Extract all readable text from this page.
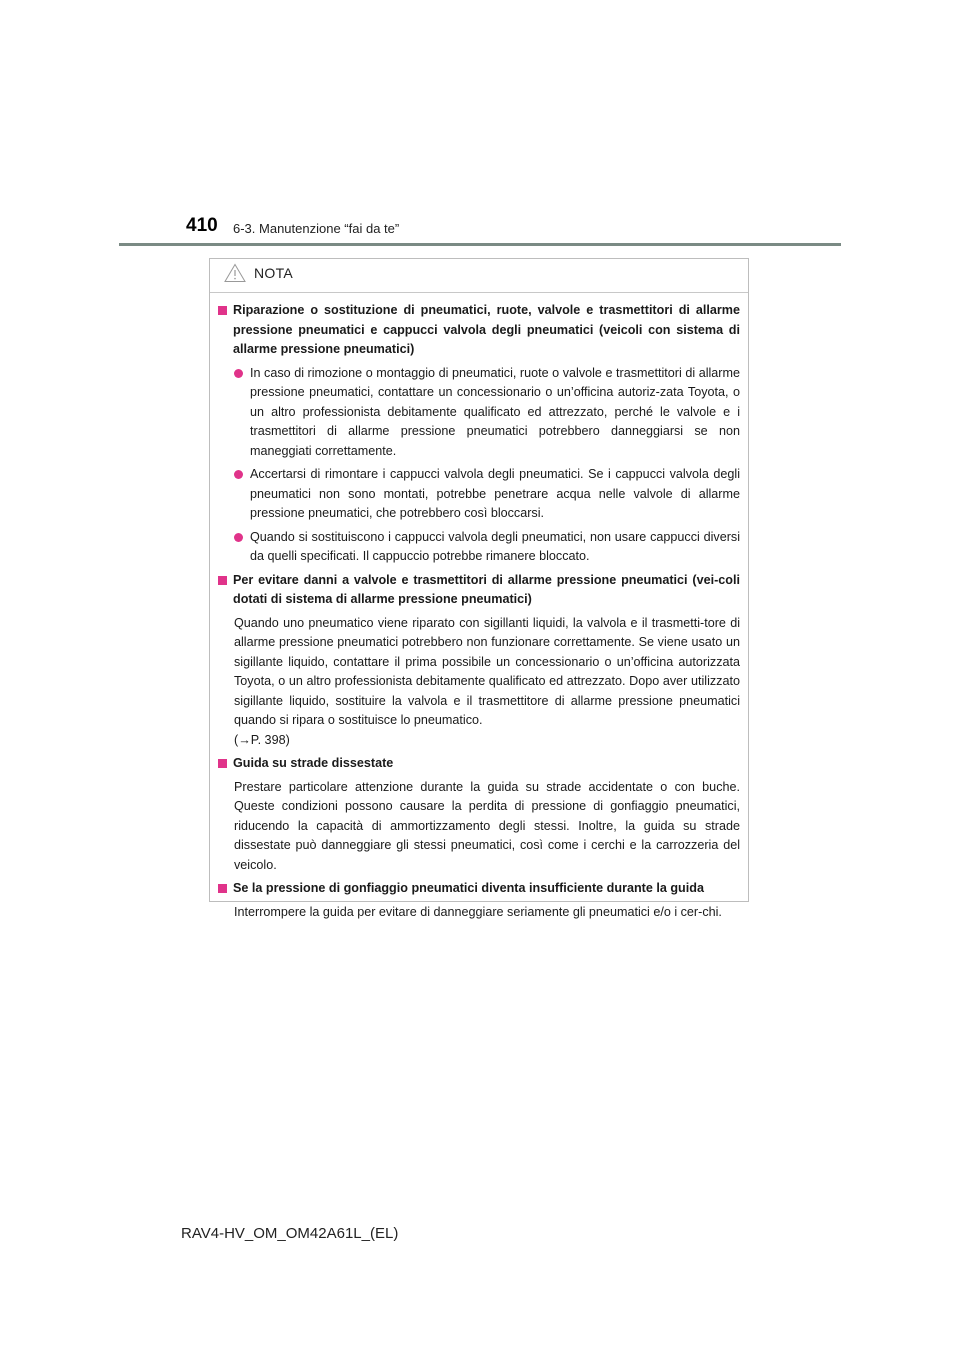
410 6-3. Manutenzione “fai da te”
NOTA
Riparazione o sostituzione di pneumatici, ruote, valvole e trasmettitori di allarme pressione pneumatici e cappucci valvola degli pneumatici (veicoli con sistema di allarme pressione pneumatici)
In caso di rimozione o montaggio di pneumatici, ruote o valvole e trasmettitori di allarme pressione pneumatici, contattare un concessionario o un’officina autoriz-zata Toyota, o un altro professionista debitamente qualificato ed attrezzato, perché le valvole e i trasmettitori di allarme pressione pneumatici potrebbero danneggiarsi se non maneggiati correttamente.
Accertarsi di rimontare i cappucci valvola degli pneumatici. Se i cappucci valvola degli pneumatici non sono montati, potrebbe penetrare acqua nelle valvole di allarme pressione pneumatici, che potrebbero così bloccarsi.
Quando si sostituiscono i cappucci valvola degli pneumatici, non usare cappucci diversi da quelli specificati. Il cappuccio potrebbe rimanere bloccato.
Per evitare danni a valvole e trasmettitori di allarme pressione pneumatici (vei-coli dotati di sistema di allarme pressione pneumatici)
Quando uno pneumatico viene riparato con sigillanti liquidi, la valvola e il trasmetti-tore di allarme pressione pneumatici potrebbero non funzionare correttamente. Se viene usato un sigillante liquido, contattare il prima possibile un concessionario o un’officina autorizzata Toyota, o un altro professionista debitamente qualificato ed attrezzato. Dopo aver utilizzato sigillante liquido, sostituire la valvola e il trasmettitore di allarme pressione pneumatici quando si ripara o sostituisce lo pneumatico.
(→P. 398)
Guida su strade dissestate
Prestare particolare attenzione durante la guida su strade accidentate o con buche. Queste condizioni possono causare la perdita di pressione di gonfiaggio pneumatici, riducendo la capacità di ammortizzamento degli stessi. Inoltre, la guida su strade dissestate può danneggiare gli stessi pneumatici, così come i cerchi e la carrozzeria del veicolo.
Se la pressione di gonfiaggio pneumatici diventa insufficiente durante la guida
Interrompere la guida per evitare di danneggiare seriamente gli pneumatici e/o i cer-chi.
RAV4-HV_OM_OM42A61L_(EL)
